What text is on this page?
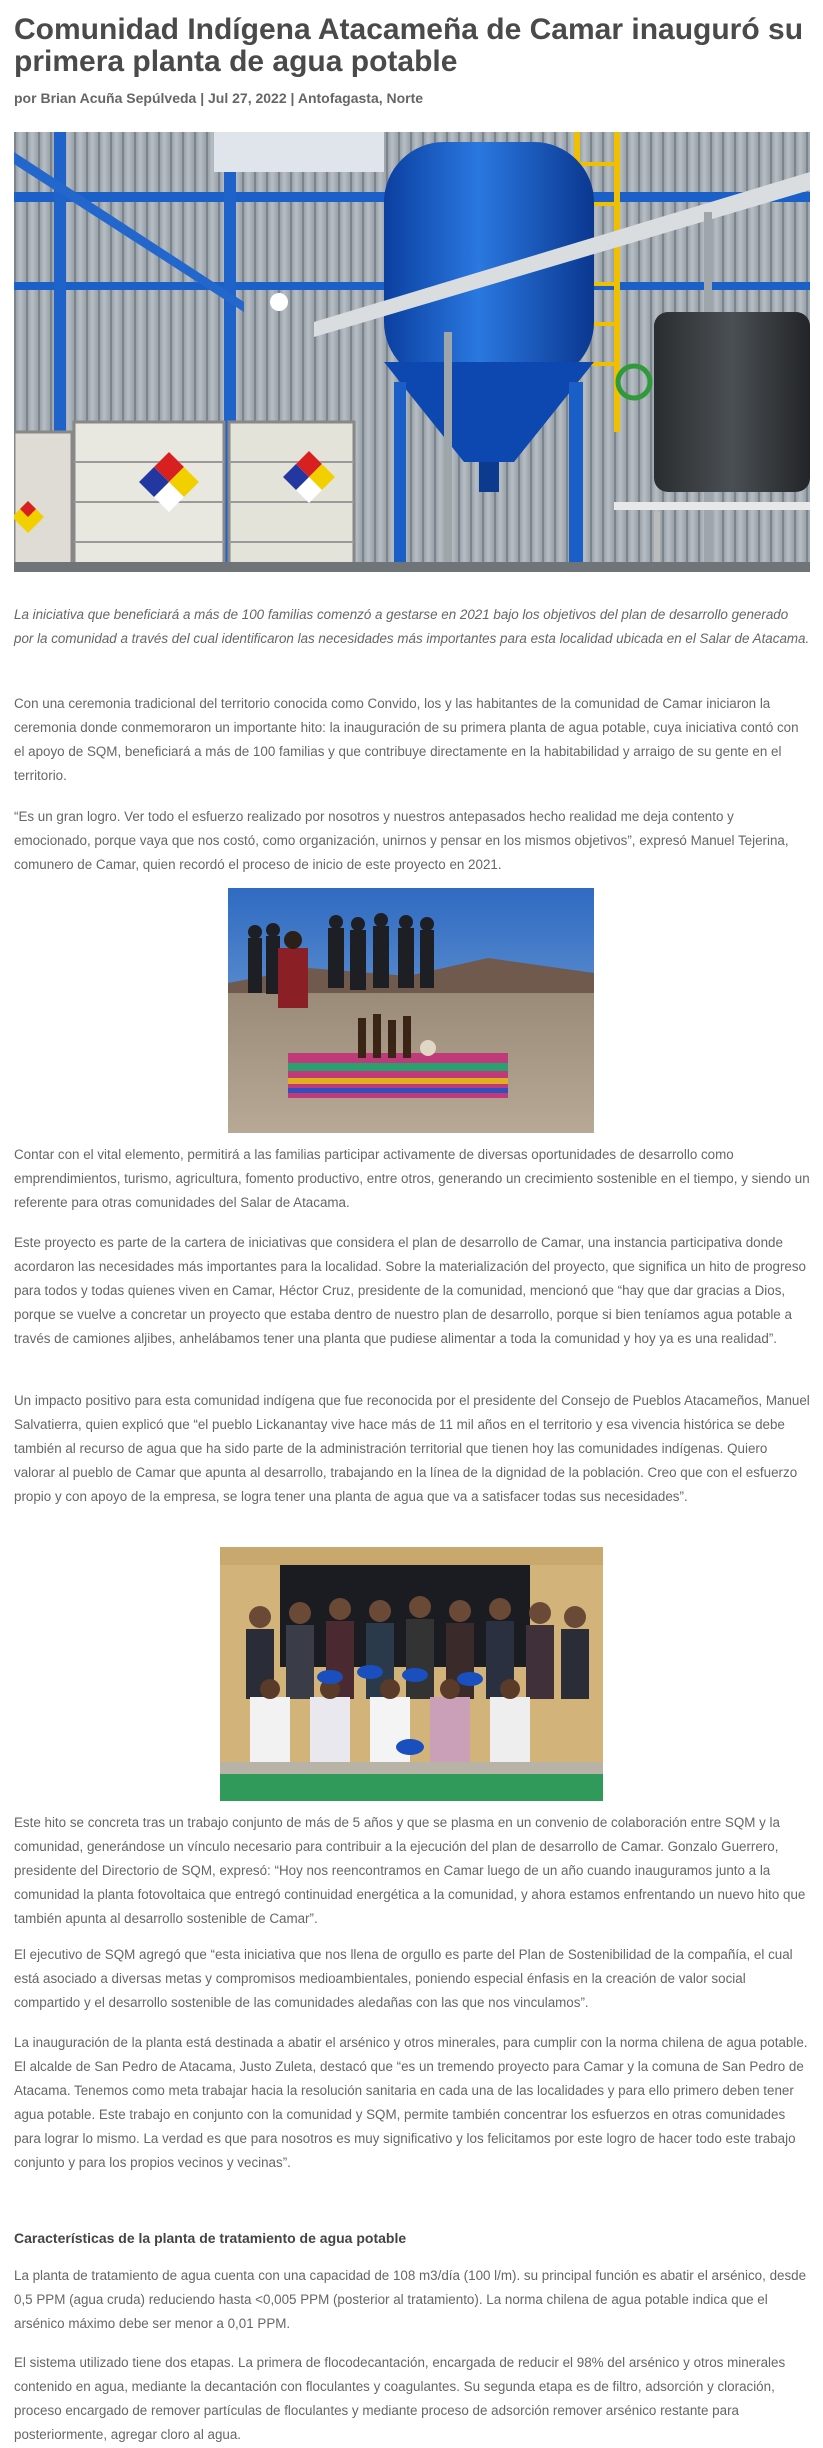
Comunidad Indígena Atacameña de Camar inauguró su primera planta de agua potable
por Brian Acuña Sepúlveda | Jul 27, 2022 | Antofagasta, Norte

La iniciativa que beneficiará a más de 100 familias comenzó a gestarse en 2021 bajo los objetivos del plan de desarrollo generado por la comunidad a través del cual identificaron las necesidades más importantes para esta localidad ubicada en el Salar de Atacama.

Con una ceremonia tradicional del territorio conocida como Convido, los y las habitantes de la comunidad de Camar iniciaron la ceremonia donde conmemoraron un importante hito: la inauguración de su primera planta de agua potable, cuya iniciativa contó con el apoyo de SQM, beneficiará a más de 100 familias y que contribuye directamente en la habitabilidad y arraigo de su gente en el territorio.

“Es un gran logro. Ver todo el esfuerzo realizado por nosotros y nuestros antepasados hecho realidad me deja contento y emocionado, porque vaya que nos costó, como organización, unirnos y pensar en los mismos objetivos”, expresó Manuel Tejerina, comunero de Camar, quien recordó el proceso de inicio de este proyecto en 2021.

Contar con el vital elemento, permitirá a las familias participar activamente de diversas oportunidades de desarrollo como emprendimientos, turismo, agricultura, fomento productivo, entre otros, generando un crecimiento sostenible en el tiempo, y siendo un referente para otras comunidades del Salar de Atacama.

Este proyecto es parte de la cartera de iniciativas que considera el plan de desarrollo de Camar, una instancia participativa donde acordaron las necesidades más importantes para la localidad. Sobre la materialización del proyecto, que significa un hito de progreso para todos y todas quienes viven en Camar, Héctor Cruz, presidente de la comunidad, mencionó que “hay que dar gracias a Dios, porque se vuelve a concretar un proyecto que estaba dentro de nuestro plan de desarrollo, porque si bien teníamos agua potable a través de camiones aljibes, anhelábamos tener una planta que pudiese alimentar a toda la comunidad y hoy ya es una realidad”.

Un impacto positivo para esta comunidad indígena que fue reconocida por el presidente del Consejo de Pueblos Atacameños, Manuel Salvatierra, quien explicó que “el pueblo Lickanantay vive hace más de 11 mil años en el territorio y esa vivencia histórica se debe también al recurso de agua que ha sido parte de la administración territorial que tienen hoy las comunidades indígenas. Quiero valorar al pueblo de Camar que apunta al desarrollo, trabajando en la línea de la dignidad de la población. Creo que con el esfuerzo propio y con apoyo de la empresa, se logra tener una planta de agua que va a satisfacer todas sus necesidades”.

Este hito se concreta tras un trabajo conjunto de más de 5 años y que se plasma en un convenio de colaboración entre SQM y la comunidad, generándose un vínculo necesario para contribuir a la ejecución del plan de desarrollo de Camar. Gonzalo Guerrero, presidente del Directorio de SQM, expresó: “Hoy nos reencontramos en Camar luego de un año cuando inauguramos junto a la comunidad la planta fotovoltaica que entregó continuidad energética a la comunidad, y ahora estamos enfrentando un nuevo hito que también apunta al desarrollo sostenible de Camar”.

El ejecutivo de SQM agregó que “esta iniciativa que nos llena de orgullo es parte del Plan de Sostenibilidad de la compañía, el cual está asociado a diversas metas y compromisos medioambientales, poniendo especial énfasis en la creación de valor social compartido y el desarrollo sostenible de las comunidades aledañas con las que nos vinculamos”.

La inauguración de la planta está destinada a abatir el arsénico y otros minerales, para cumplir con la norma chilena de agua potable. El alcalde de San Pedro de Atacama, Justo Zuleta, destacó que “es un tremendo proyecto para Camar y la comuna de San Pedro de Atacama. Tenemos como meta trabajar hacia la resolución sanitaria en cada una de las localidades y para ello primero deben tener agua potable. Este trabajo en conjunto con la comunidad y SQM, permite también concentrar los esfuerzos en otras comunidades para lograr lo mismo. La verdad es que para nosotros es muy significativo y los felicitamos por este logro de hacer todo este trabajo conjunto y para los propios vecinos y vecinas”.

Características de la planta de tratamiento de agua potable

La planta de tratamiento de agua cuenta con una capacidad de 108 m3/día (100 l/m). su principal función es abatir el arsénico, desde 0,5 PPM (agua cruda) reduciendo hasta <0,005 PPM (posterior al tratamiento). La norma chilena de agua potable indica que el arsénico máximo debe ser menor a 0,01 PPM.

El sistema utilizado tiene dos etapas. La primera de flocodecantación, encargada de reducir el 98% del arsénico y otros minerales contenido en agua, mediante la decantación con floculantes y coagulantes. Su segunda etapa es de filtro, adsorción y cloración, proceso encargado de remover partículas de floculantes y mediante proceso de adsorción remover arsénico restante para posteriormente, agregar cloro al agua.
